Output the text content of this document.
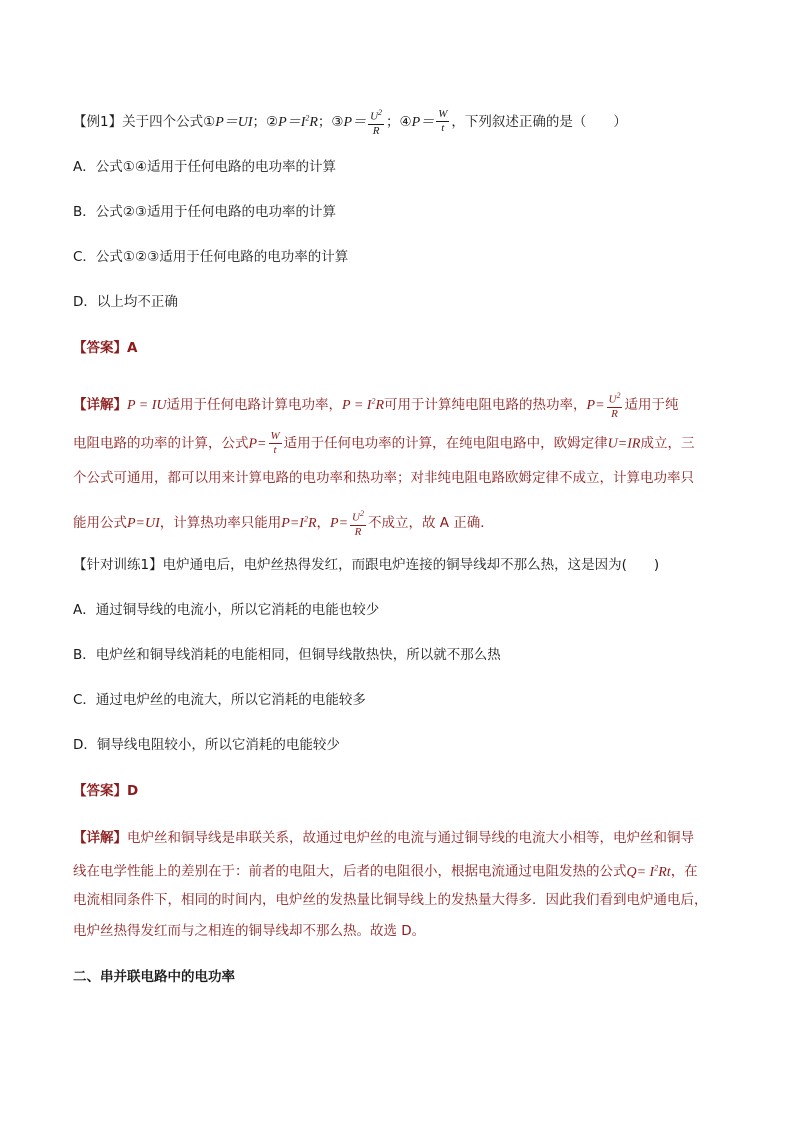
【例1】关于四个公式①P＝UI；$②P=I^2R$；③P＝ $\frac{U^2}{R}$ ；④P＝ $\frac{W}{t}$ ，下列叙述正确的是（　　）
A．公式①④适用于任何电路的电功率的计算
B．公式②③适用于任何电路的电功率的计算
C．公式①②③适用于任何电路的电功率的计算
D．以上均不正确
【答案】A
【详解】P = IU适用于任何电路计算电功率，$P = I^2R$可用于计算纯电阻电路的热功率，$P= \frac{U^2}{R}$ 适用于纯
电阻电路的功率的计算，公式$P= \frac{W}{t}$ 适用于任何电功率的计算，在纯电阻电路中，欧姆定律U=IR成立，三
个公式可通用，都可以用来计算电路的电功率和热功率；对非纯电阻电路欧姆定律不成立，计算电功率只
能用公式P=UI，计算热功率只能用$P=I^2R$，$P= \frac{U^2}{R}$ 不成立，故 A 正确．
【针对训练1】电炉通电后，电炉丝热得发红，而跟电炉连接的铜导线却不那么热，这是因为(　　)
A．通过铜导线的电流小，所以它消耗的电能也较少
B．电炉丝和铜导线消耗的电能相同，但铜导线散热快，所以就不那么热
C．通过电炉丝的电流大，所以它消耗的电能较多
D．铜导线电阻较小，所以它消耗的电能较少
【答案】D
【详解】电炉丝和铜导线是串联关系，故通过电炉丝的电流与通过铜导线的电流大小相等，电炉丝和铜导
线在电学性能上的差别在于：前者的电阻大，后者的电阻很小，根据电流通过电阻发热的公式$Q= I^2Rt$，在
电流相同条件下，相同的时间内，电炉丝的发热量比铜导线上的发热量大得多．因此我们看到电炉通电后，
电炉丝热得发红而与之相连的铜导线却不那么热。故选 D。
二、串并联电路中的电功率
